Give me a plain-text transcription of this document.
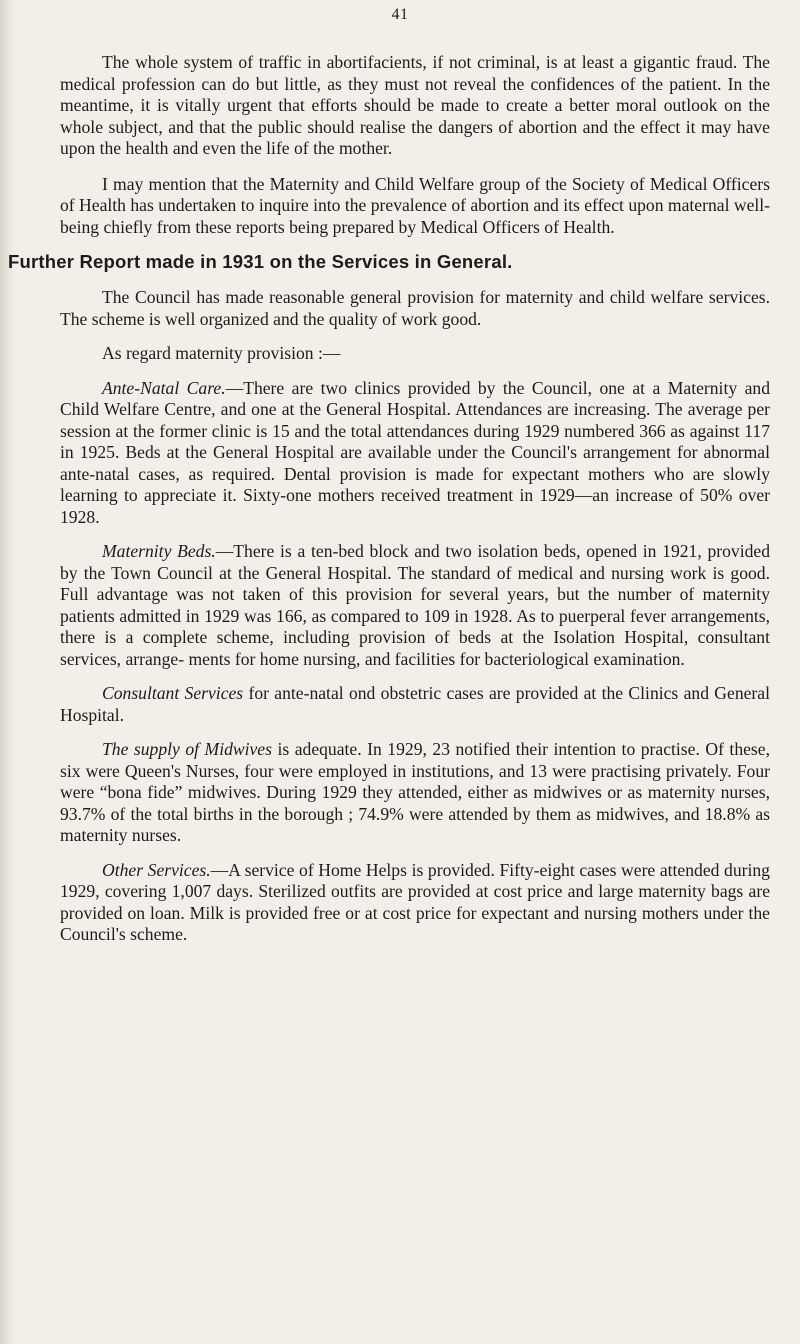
41

The whole system of traffic in abortifacients, if not criminal, is at least a gigantic fraud. The medical profession can do but little, as they must not reveal the confidences of the patient. In the meantime, it is vitally urgent that efforts should be made to create a better moral outlook on the whole subject, and that the public should realise the dangers of abortion and the effect it may have upon the health and even the life of the mother.

I may mention that the Maternity and Child Welfare group of the Society of Medical Officers of Health has undertaken to inquire into the prevalence of abortion and its effect upon maternal well-being chiefly from these reports being prepared by Medical Officers of Health.

Further Report made in 1931 on the Services in General.

The Council has made reasonable general provision for maternity and child welfare services. The scheme is well organized and the quality of work good.

As regard maternity provision :—

Ante-Natal Care.—There are two clinics provided by the Council, one at a Maternity and Child Welfare Centre, and one at the General Hospital. Attendances are increasing. The average per session at the former clinic is 15 and the total attendances during 1929 numbered 366 as against 117 in 1925. Beds at the General Hospital are available under the Council's arrangement for abnormal ante-natal cases, as required. Dental provision is made for expectant mothers who are slowly learning to appreciate it. Sixty-one mothers received treatment in 1929—an increase of 50% over 1928.

Maternity Beds.—There is a ten-bed block and two isolation beds, opened in 1921, provided by the Town Council at the General Hospital. The standard of medical and nursing work is good. Full advantage was not taken of this provision for several years, but the number of maternity patients admitted in 1929 was 166, as compared to 109 in 1928. As to puerperal fever arrangements, there is a complete scheme, including provision of beds at the Isolation Hospital, consultant services, arrange- ments for home nursing, and facilities for bacteriological examination.

Consultant Services for ante-natal ond obstetric cases are provided at the Clinics and General Hospital.

The supply of Midwives is adequate. In 1929, 23 notified their intention to practise. Of these, six were Queen's Nurses, four were employed in institutions, and 13 were practising privately. Four were “bona fide” midwives. During 1929 they attended, either as midwives or as maternity nurses, 93.7% of the total births in the borough ; 74.9% were attended by them as midwives, and 18.8% as maternity nurses.

Other Services.—A service of Home Helps is provided. Fifty-eight cases were attended during 1929, covering 1,007 days. Sterilized outfits are provided at cost price and large maternity bags are provided on loan. Milk is provided free or at cost price for expectant and nursing mothers under the Council's scheme.
